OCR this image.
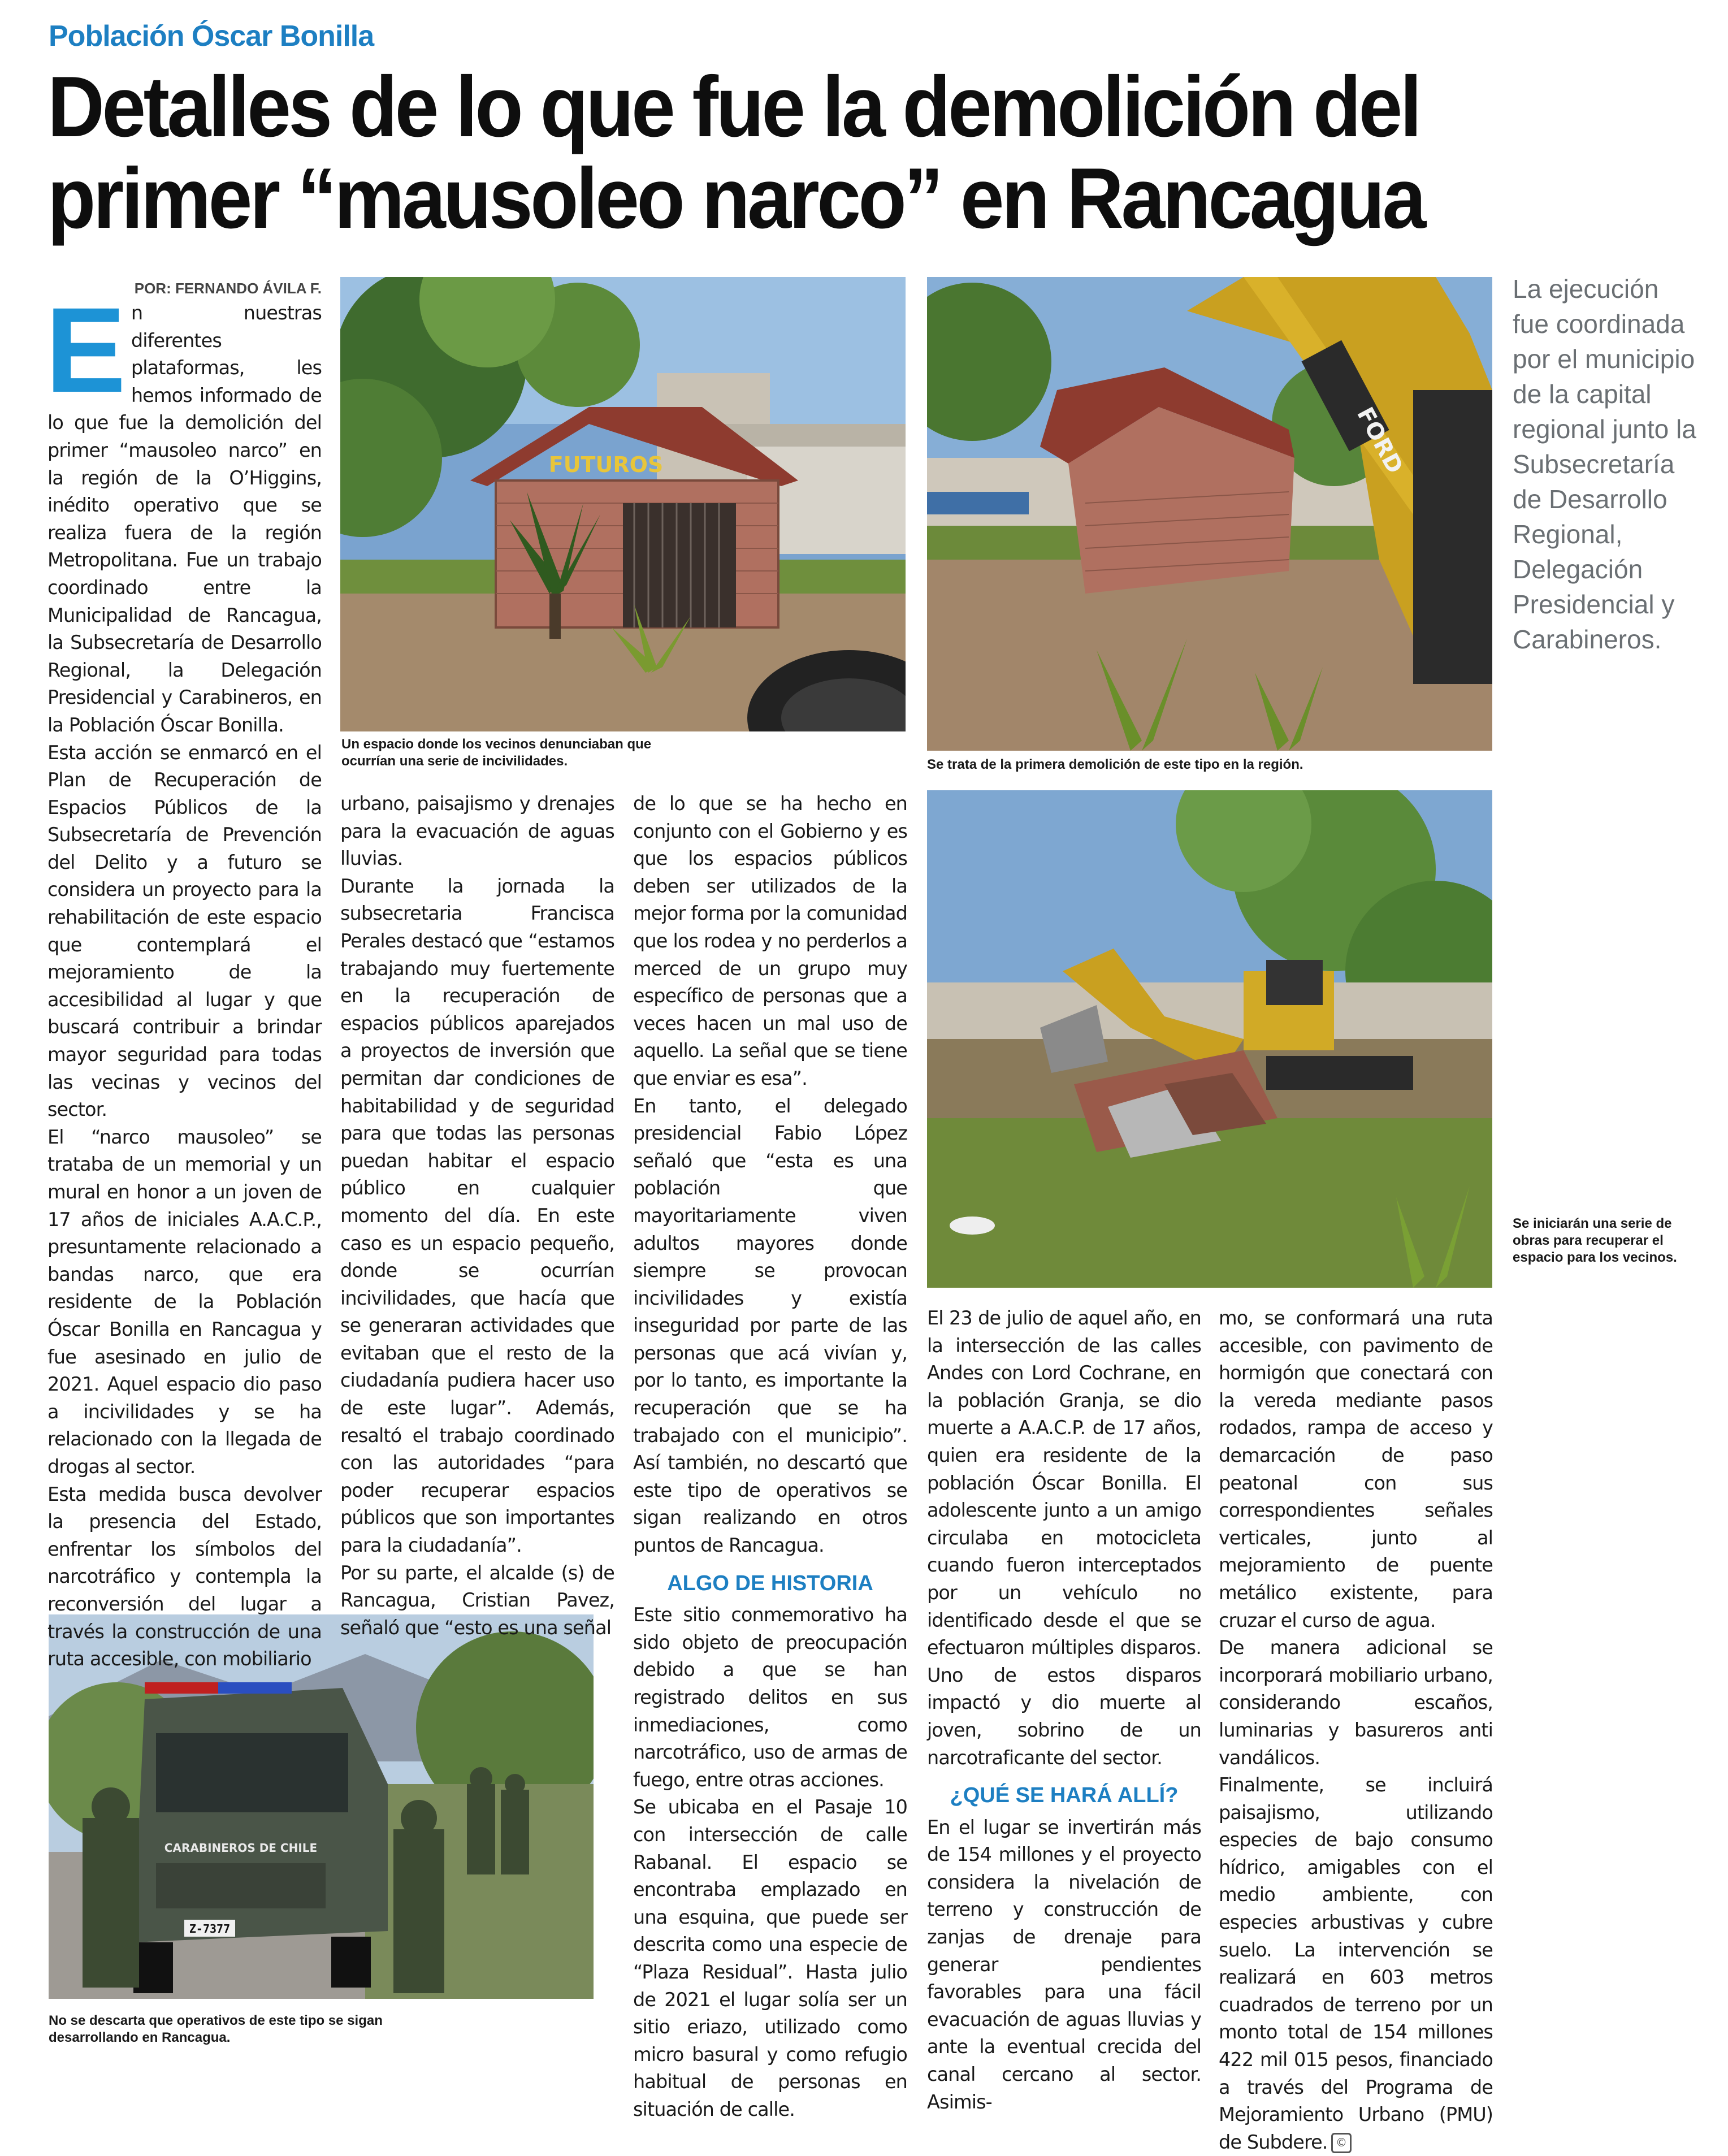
Población Óscar Bonilla
Detalles de lo que fue la demolición del
primer “mausoleo narco” en Rancagua
FUTUROS
Un espacio donde los vecinos denunciaban que ocurrían una serie de incivilidades.
FORD
Se trata de la primera demolición de este tipo en la región.
La ejecución fue coordinada por el municipio de la capital regional junto la Subsecretaría de Desarrollo Regional, Delegación Presidencial y Carabineros.
Se iniciarán una serie de obras para recuperar el espacio para los vecinos.
CARABINEROS DE CHILE
Z-7377
No se descarta que operativos de este tipo se sigan desarrollando en Rancagua.
POR: FERNANDO ÁVILA F.
E n nuestras diferentes plataformas, les hemos informado de lo que fue la demolición del primer “mausoleo narco” en la región de la O’Higgins, inédito operativo que se realiza fuera de la región Metropolitana. Fue un trabajo coordinado entre la Municipalidad de Rancagua, la Subsecretaría de Desarrollo Regional, la Delegación Presidencial y Carabineros, en la Población Óscar Bonilla.

Esta acción se enmarcó en el Plan de Recuperación de Espacios Públicos de la Subsecretaría de Prevención del Delito y a futuro se considera un proyecto para la rehabilitación de este espacio que contemplará el mejoramiento de la accesibilidad al lugar y que buscará contribuir a brindar mayor seguridad para todas las vecinas y vecinos del sector.

El “narco mausoleo” se trataba de un memorial y un mural en honor a un joven de 17 años de iniciales A.A.C.P., presuntamente relacionado a bandas narco, que era residente de la Población Óscar Bonilla en Rancagua y fue asesinado en julio de 2021. Aquel espacio dio paso a incivilidades y se ha relacionado con la llegada de drogas al sector.

Esta medida busca devolver la presencia del Estado, enfrentar los símbolos del narcotráfico y contempla la reconversión del lugar a través la construcción de una ruta accesible, con mobiliario

urbano, paisajismo y drenajes para la evacuación de aguas lluvias.

Durante la jornada la subsecretaria Francisca Perales destacó que “estamos trabajando muy fuertemente en la recuperación de espacios públicos aparejados a proyectos de inversión que permitan dar condiciones de habitabilidad y de seguridad para que todas las personas puedan habitar el espacio público en cualquier momento del día. En este caso es un espacio pequeño, donde se ocurrían incivilidades, que hacía que se generaran actividades que evitaban que el resto de la ciudadanía pudiera hacer uso de este lugar”. Además, resaltó el trabajo coordinado con las autoridades “para poder recuperar espacios públicos que son importantes para la ciudadanía”.

Por su parte, el alcalde (s) de Rancagua, Cristian Pavez, señaló que “esto es una señal

de lo que se ha hecho en conjunto con el Gobierno y es que los espacios públicos deben ser utilizados de la mejor forma por la comunidad que los rodea y no perderlos a merced de un grupo muy específico de personas que a veces hacen un mal uso de aquello. La señal que se tiene que enviar es esa”.

En tanto, el delegado presidencial Fabio López señaló que “esta es una población que mayoritariamente viven adultos mayores donde siempre se provocan incivilidades y existía inseguridad por parte de las personas que acá vivían y, por lo tanto, es importante la recuperación que se ha trabajado con el municipio”. Así también, no descartó que este tipo de operativos se sigan realizando en otros puntos de Rancagua.

ALGO DE HISTORIA

Este sitio conmemorativo ha sido objeto de preocupación debido a que se han registrado delitos en sus inmediaciones, como narcotráfico, uso de armas de fuego, entre otras acciones.

Se ubicaba en el Pasaje 10 con intersección de calle Rabanal. El espacio se encontraba emplazado en una esquina, que puede ser descrita como una especie de “Plaza Residual”. Hasta julio de 2021 el lugar solía ser un sitio eriazo, utilizado como micro basural y como refugio habitual de personas en situación de calle.

El 23 de julio de aquel año, en la intersección de las calles Andes con Lord Cochrane, en la población Granja, se dio muerte a A.A.C.P. de 17 años, quien era residente de la población Óscar Bonilla. El adolescente junto a un amigo circulaba en motocicleta cuando fueron interceptados por un vehículo no identificado desde el que se efectuaron múltiples disparos. Uno de estos disparos impactó y dio muerte al joven, sobrino de un narcotraficante del sector.

¿QUÉ SE HARÁ ALLÍ?

En el lugar se invertirán más de 154 millones y el proyecto considera la nivelación de terreno y construcción de zanjas de drenaje para generar pendientes favorables para una fácil evacuación de aguas lluvias y ante la eventual crecida del canal cercano al sector. Asimis-

mo, se conformará una ruta accesible, con pavimento de hormigón que conectará con la vereda mediante pasos rodados, rampa de acceso y demarcación de paso peatonal con sus correspondientes señales verticales, junto al mejoramiento de puente metálico existente, para cruzar el curso de agua.

De manera adicional se incorporará mobiliario urbano, considerando escaños, luminarias y basureros anti vandálicos.

Finalmente, se incluirá paisajismo, utilizando especies de bajo consumo hídrico, amigables con el medio ambiente, con especies arbustivas y cubre suelo. La intervención se realizará en 603 metros cuadrados de terreno por un monto total de 154 millones 422 mil 015 pesos, financiado a través del Programa de Mejoramiento Urbano (PMU) de Subdere. ©
